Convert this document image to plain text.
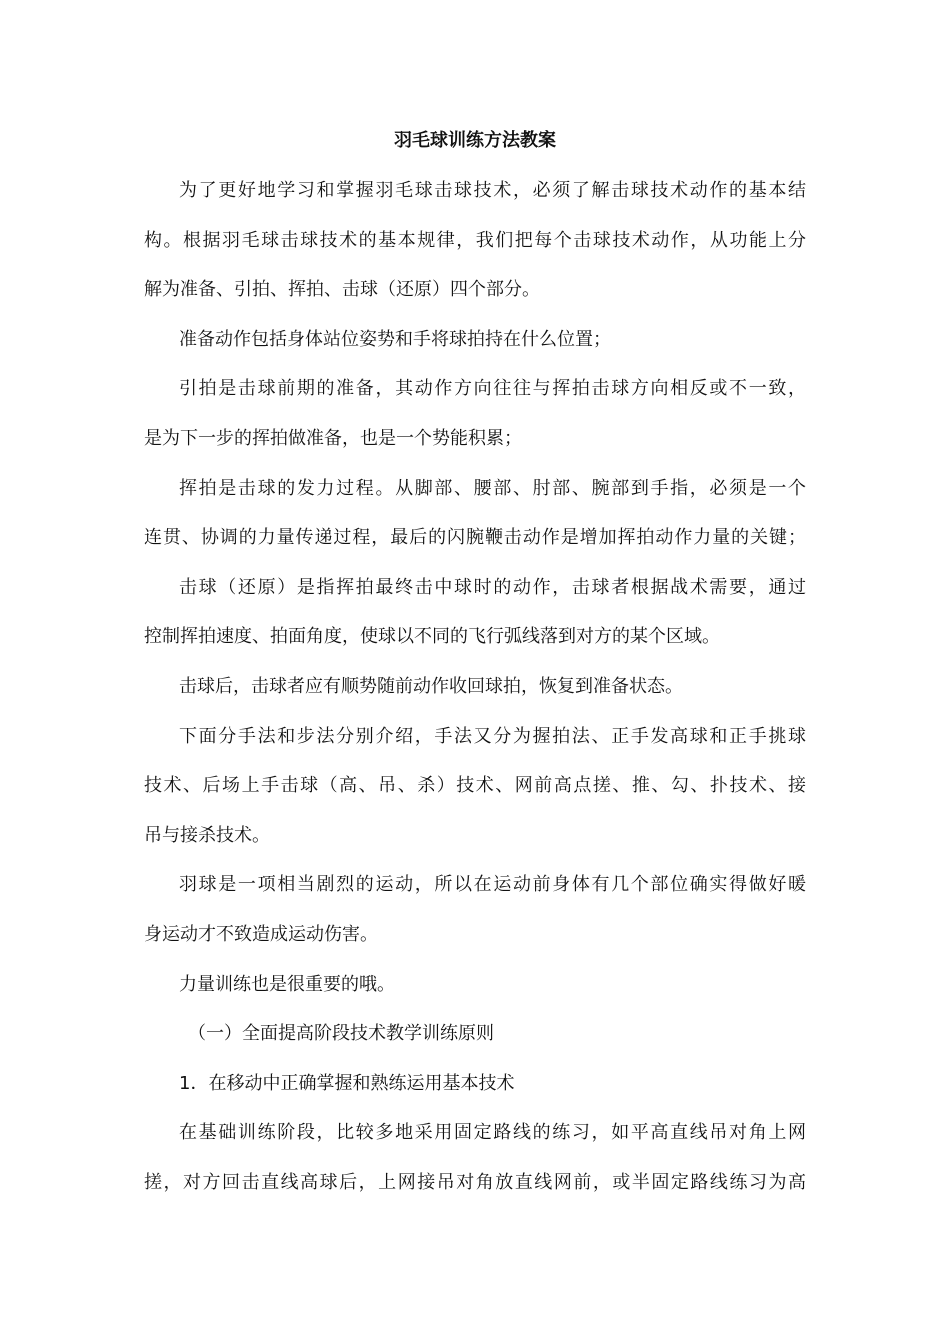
羽毛球训练方法教案
为了更好地学习和掌握羽毛球击球技术，必须了解击球技术动作的基本结
构。根据羽毛球击球技术的基本规律，我们把每个击球技术动作，从功能上分
解为准备、引拍、挥拍、击球（还原）四个部分。
准备动作包括身体站位姿势和手将球拍持在什么位置；
引拍是击球前期的准备，其动作方向往往与挥拍击球方向相反或不一致，
是为下一步的挥拍做准备，也是一个势能积累；
挥拍是击球的发力过程。从脚部、腰部、肘部、腕部到手指，必须是一个
连贯、协调的力量传递过程，最后的闪腕鞭击动作是增加挥拍动作力量的关键；
击球（还原）是指挥拍最终击中球时的动作，击球者根据战术需要，通过
控制挥拍速度、拍面角度，使球以不同的飞行弧线落到对方的某个区域。
击球后，击球者应有顺势随前动作收回球拍，恢复到准备状态。
下面分手法和步法分别介绍，手法又分为握拍法、正手发高球和正手挑球
技术、后场上手击球（高、吊、杀）技术、网前高点搓、推、勾、扑技术、接
吊与接杀技术。
羽球是一项相当剧烈的运动，所以在运动前身体有几个部位确实得做好暖
身运动才不致造成运动伤害。
力量训练也是很重要的哦。
（一）全面提高阶段技术教学训练原则
1．在移动中正确掌握和熟练运用基本技术
在基础训练阶段，比较多地采用固定路线的练习，如平高直线吊对角上网
搓，对方回击直线高球后，上网接吊对角放直线网前，或半固定路线练习为高
